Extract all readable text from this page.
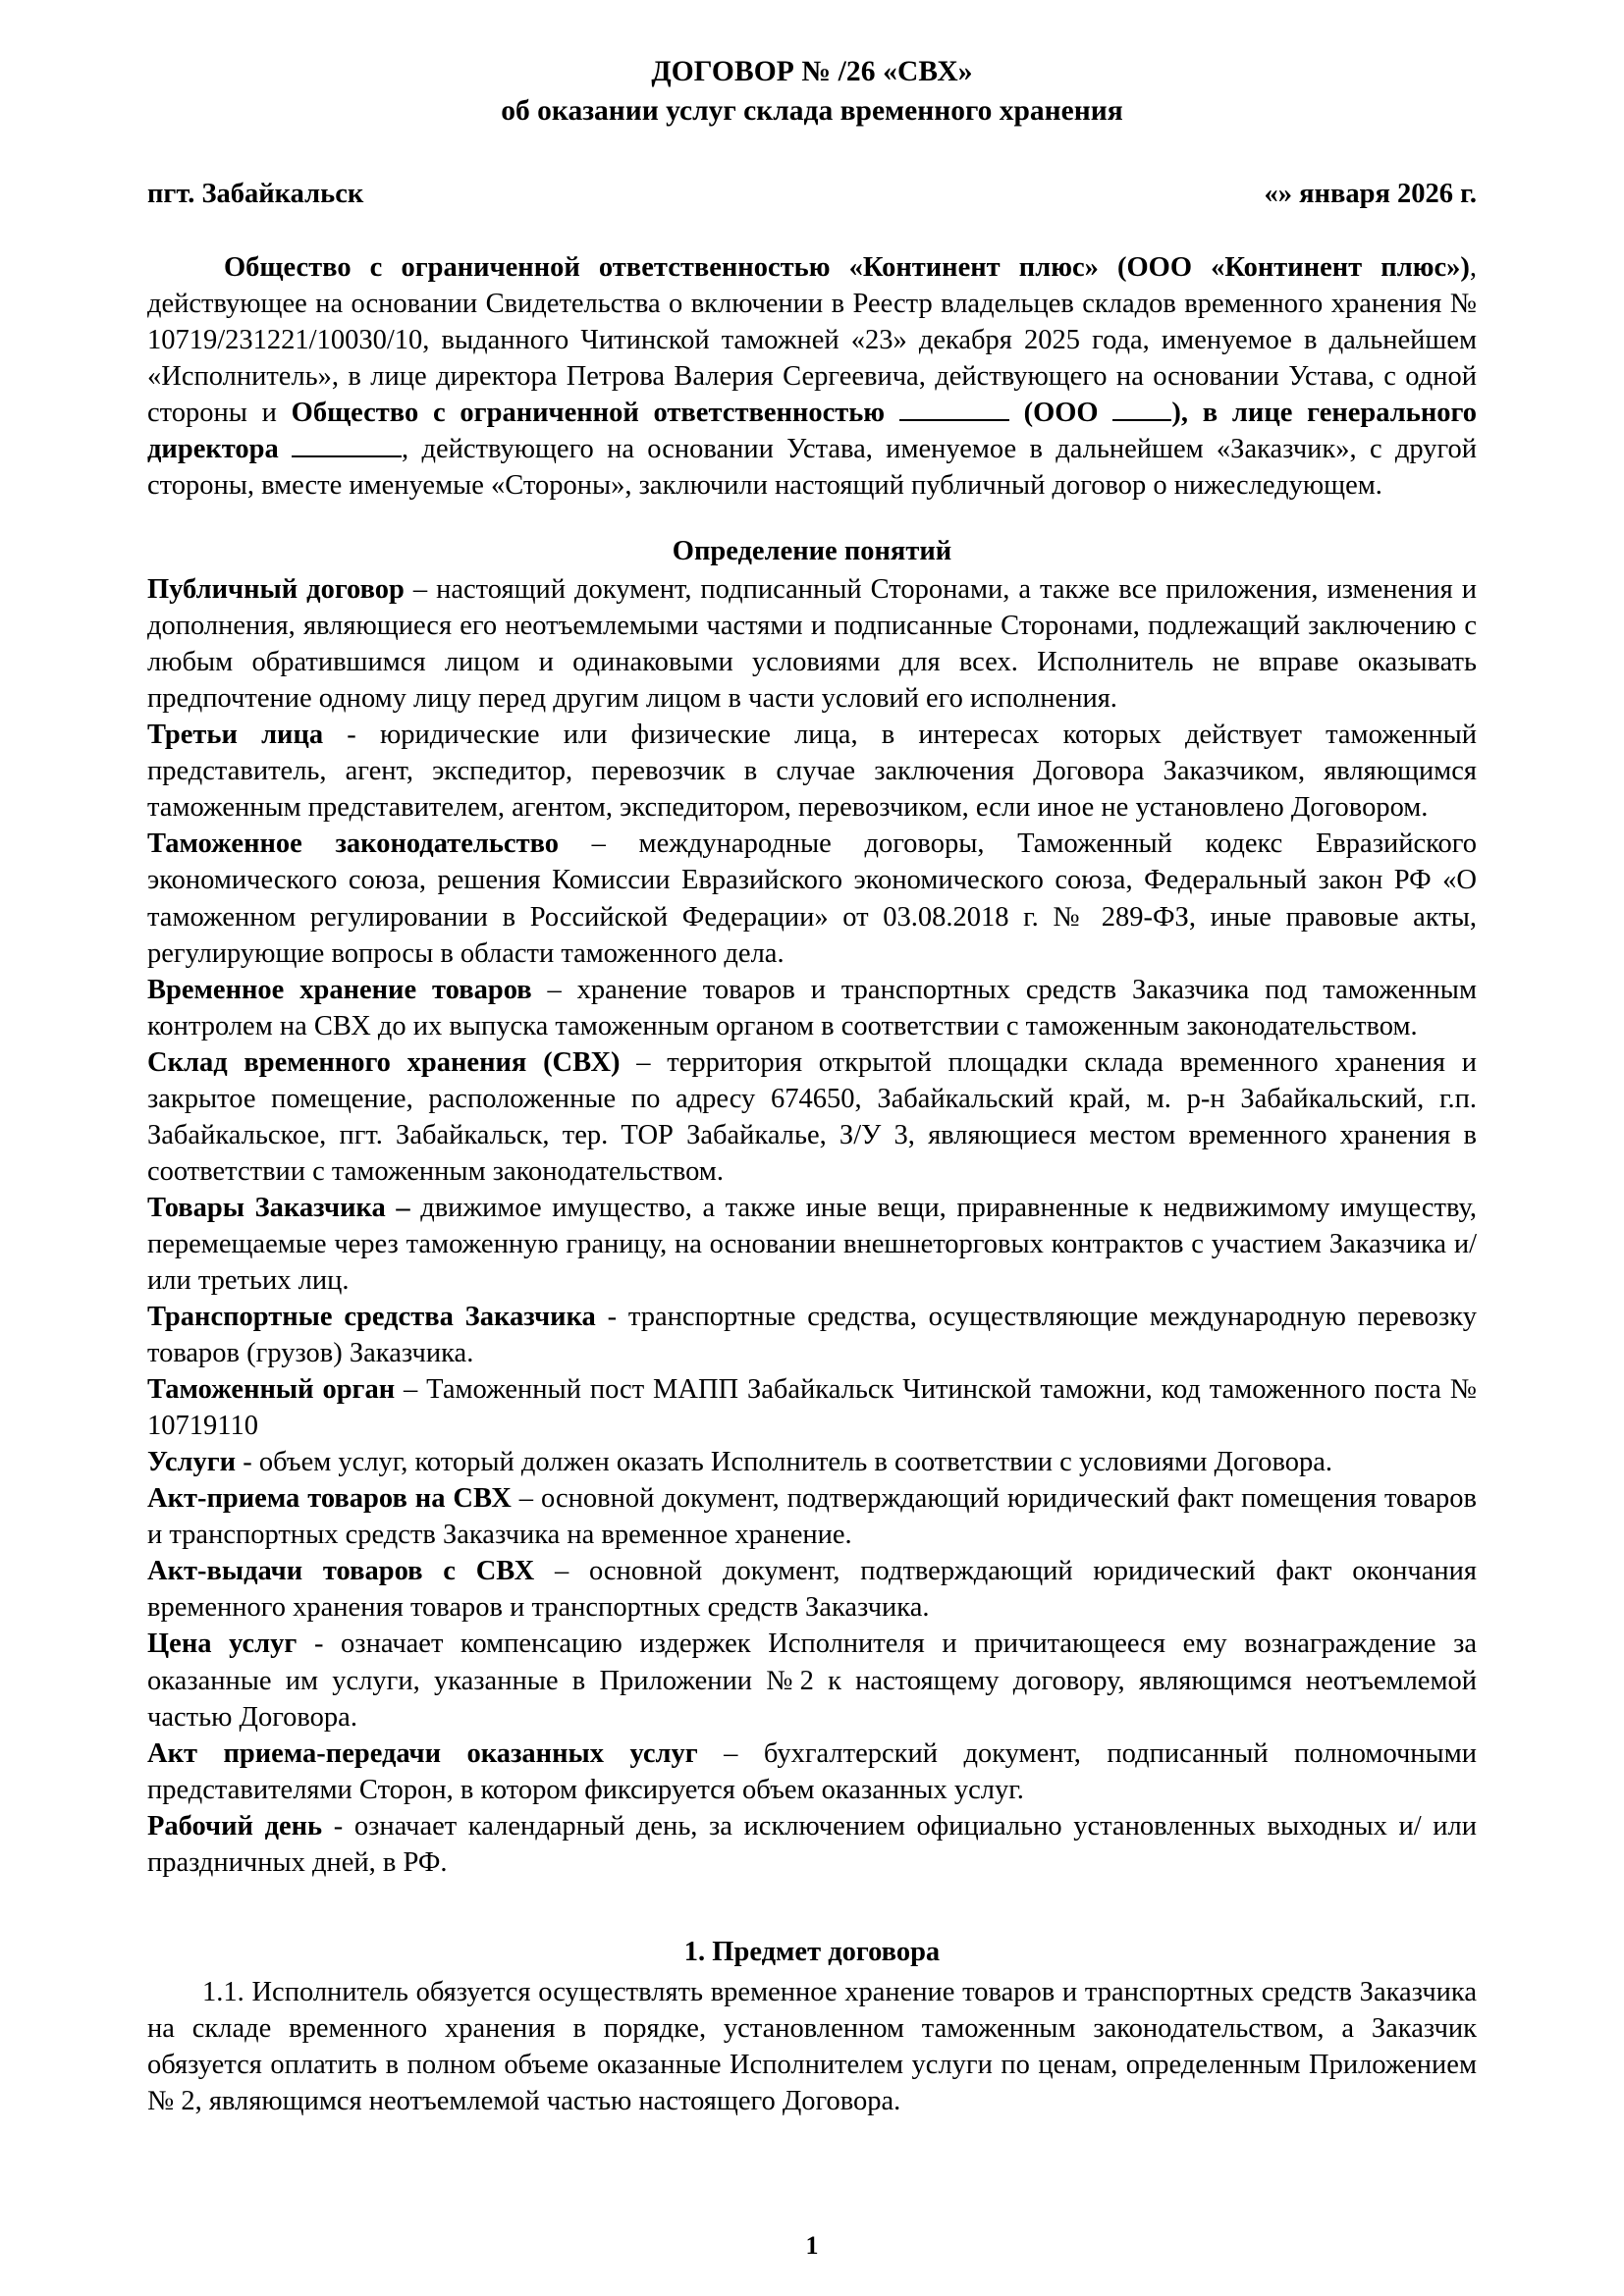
ДОГОВОР № /26 «СВХ»
об оказании услуг склада временного хранения
пгт. Забайкальск	«» января 2026 г.

Общество с ограниченной ответственностью «Континент плюс» (ООО «Континент плюс»), действующее на основании Свидетельства о включении в Реестр владельцев складов временного хранения № 10719/231221/10030/10, выданного Читинской таможней «23» декабря 2025 года, именуемое в дальнейшем «Исполнитель», в лице директора Петрова Валерия Сергеевича, действующего на основании Устава, с одной стороны и Общество с ограниченной ответственностью	(ООО	), в лице генерального директора	, действующего на основании Устава, именуемое в дальнейшем «Заказчик», с другой стороны, вместе именуемые «Стороны», заключили настоящий публичный договор о нижеследующем.

Определение понятий

Публичный договор – настоящий документ, подписанный Сторонами, а также все приложения, изменения и дополнения, являющиеся его неотъемлемыми частями и подписанные Сторонами, подлежащий заключению с любым обратившимся лицом и одинаковыми условиями для всех. Исполнитель не вправе оказывать предпочтение одному лицу перед другим лицом в части условий его исполнения.

Третьи лица - юридические или физические лица, в интересах которых действует таможенный представитель, агент, экспедитор, перевозчик в случае заключения Договора Заказчиком, являющимся таможенным представителем, агентом, экспедитором, перевозчиком, если иное не установлено Договором.

Таможенное законодательство – международные договоры, Таможенный кодекс Евразийского экономического союза, решения Комиссии Евразийского экономического союза, Федеральный закон РФ «О таможенном регулировании в Российской Федерации» от 03.08.2018 г. № 289-ФЗ, иные правовые акты, регулирующие вопросы в области таможенного дела.

Временное хранение товаров – хранение товаров и транспортных средств Заказчика под таможенным контролем на СВХ до их выпуска таможенным органом в соответствии с таможенным законодательством.

Склад временного хранения (СВХ) – территория открытой площадки склада временного хранения и закрытое помещение, расположенные по адресу 674650, Забайкальский край, м. р-н Забайкальский, г.п. Забайкальское, пгт. Забайкальск, тер. ТОР Забайкалье, З/У 3, являющиеся местом временного хранения в соответствии с таможенным законодательством.

Товары Заказчика – движимое имущество, а также иные вещи, приравненные к недвижимому имуществу, перемещаемые через таможенную границу, на основании внешнеторговых контрактов с участием Заказчика и/или третьих лиц.

Транспортные средства Заказчика - транспортные средства, осуществляющие международную перевозку товаров (грузов) Заказчика.

Таможенный орган – Таможенный пост МАПП Забайкальск Читинской таможни, код таможенного поста № 10719110

Услуги - объем услуг, который должен оказать Исполнитель в соответствии с условиями Договора.

Акт-приема товаров на СВХ – основной документ, подтверждающий юридический факт помещения товаров и транспортных средств Заказчика на временное хранение.

Акт-выдачи товаров с СВХ – основной документ, подтверждающий юридический факт окончания временного хранения товаров и транспортных средств Заказчика.

Цена услуг - означает компенсацию издержек Исполнителя и причитающееся ему вознаграждение за оказанные им услуги, указанные в Приложении №2 к настоящему договору, являющимся неотъемлемой частью Договора.

Акт приема-передачи оказанных услуг – бухгалтерский документ, подписанный полномочными представителями Сторон, в котором фиксируется объем оказанных услуг.

Рабочий день - означает календарный день, за исключением официально установленных выходных и/ или праздничных дней, в РФ.

1. Предмет договора

1.1. Исполнитель обязуется осуществлять временное хранение товаров и транспортных средств Заказчика на складе временного хранения в порядке, установленном таможенным законодательством, а Заказчик обязуется оплатить в полном объеме оказанные Исполнителем услуги по ценам, определенным Приложением № 2, являющимся неотъемлемой частью настоящего Договора.

1
